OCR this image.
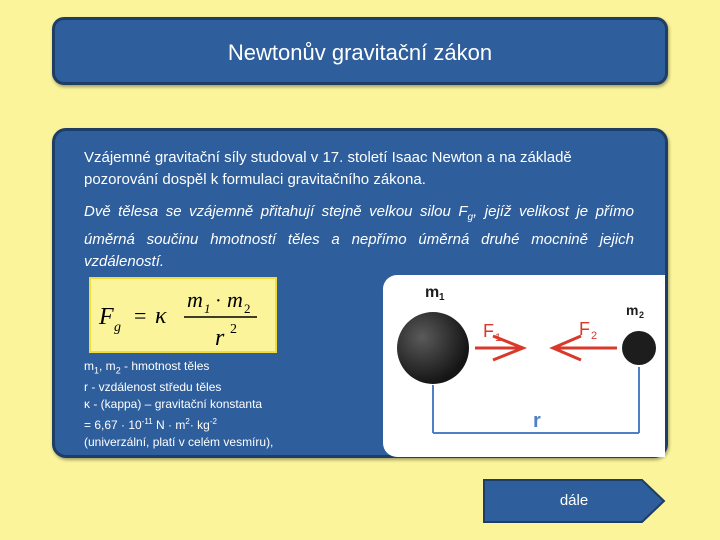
Newtonův gravitační zákon
Vzájemné gravitační síly studoval v 17. století Isaac Newton a na základě pozorování dospěl k formulaci gravitačního zákona.
Dvě tělesa se vzájemně přitahují stejně velkou silou $F_g$, jejíž velikost je přímo úměrná součinu hmotností těles a nepřímo úměrná druhé mocnině jejich vzdáleností.
F g = κ
m 1 · m 2
r 2
$m_1$, $m_2$ - hmotnost těles
r - vzdálenost středu těles
κ - (kappa) – gravitační konstanta
= $6,67 \cdot 10^{-11}$ $N \cdot m^2\cdot kg^{-2}$
(univerzální, platí v celém vesmíru),
m 1
m 2
F 1	F 2
r
dále
